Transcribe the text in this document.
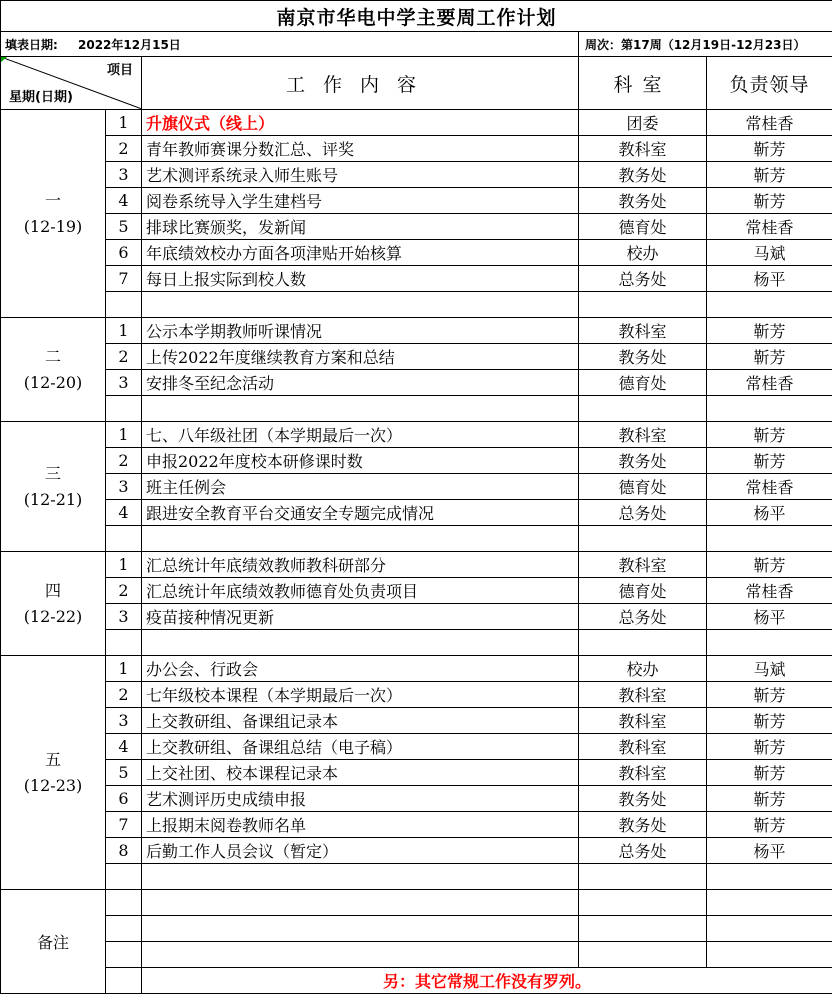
南京市华电中学主要周工作计划				
填表日期: 2022年12月15日			周次：第17周（12月19日-12月23日）	

项目
星期(日期)		工作内容	科室	负责领导

一
(12-19)	1	升旗仪式（线上）	团委	常桂香
	2	青年教师赛课分数汇总、评奖	教科室	靳芳
	3	艺术测评系统录入师生账号	教务处	靳芳
	4	阅卷系统导入学生建档号	教务处	靳芳
	5	排球比赛颁奖，发新闻	德育处	常桂香
	6	年底绩效校办方面各项津贴开始核算	校办	马斌
	7	每日上报实际到校人数	总务处	杨平

二
(12-20)	1	公示本学期教师听课情况	教科室	靳芳
	2	上传2022年度继续教育方案和总结	教务处	靳芳
	3	安排冬至纪念活动	德育处	常桂香

三
(12-21)	1	七、八年级社团（本学期最后一次）	教科室	靳芳
	2	申报2022年度校本研修课时数	教务处	靳芳
	3	班主任例会	德育处	常桂香
	4	跟进安全教育平台交通安全专题完成情况	总务处	杨平

四
(12-22)	1	汇总统计年底绩效教师教科研部分	教科室	靳芳
	2	汇总统计年底绩效教师德育处负责项目	德育处	常桂香
	3	疫苗接种情况更新	总务处	杨平

五
(12-23)	1	办公会、行政会	校办	马斌
	2	七年级校本课程（本学期最后一次）	教科室	靳芳
	3	上交教研组、备课组记录本	教科室	靳芳
	4	上交教研组、备课组总结（电子稿）	教科室	靳芳
	5	上交社团、校本课程记录本	教科室	靳芳
	6	艺术测评历史成绩申报	教务处	靳芳
	7	上报期末阅卷教师名单	教务处	靳芳
	8	后勤工作人员会议（暂定）	总务处	杨平

备注				

		另：其它常规工作没有罗列。		
